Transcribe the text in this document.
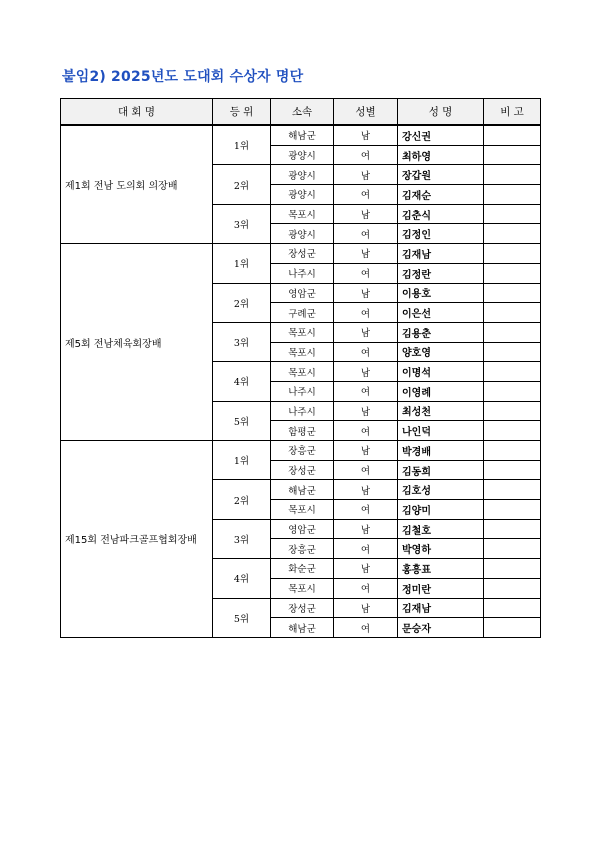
붙임2) 2025년도 도대회 수상자 명단
대 회 명	등 위	소속	성별	성 명	비 고
제1회 전남 도의회 의장배	1위	해남군	남	강신권	
		광양시	여	최하영	
	2위	광양시	남	장갑원	
		광양시	여	김재순	
	3위	목포시	남	김춘식	
		광양시	여	김정인	
제5회 전남체육회장배	1위	장성군	남	김재남	
		나주시	여	김정란	
	2위	영암군	남	이용호	
		구례군	여	이은선	
	3위	목포시	남	김용춘	
		목포시	여	양호영	
	4위	목포시	남	이명석	
		나주시	여	이영례	
	5위	나주시	남	최성천	
		함평군	여	나인덕	
제15회 전남파크골프협회장배	1위	장흥군	남	박경배	
		장성군	여	김동희	
	2위	해남군	남	김호성	
		목포시	여	김양미	
	3위	영암군	남	김철호	
		장흥군	여	박영하	
	4위	화순군	남	홍흥표	
		목포시	여	정미란	
	5위	장성군	남	김재남	
		해남군	여	문승자	
